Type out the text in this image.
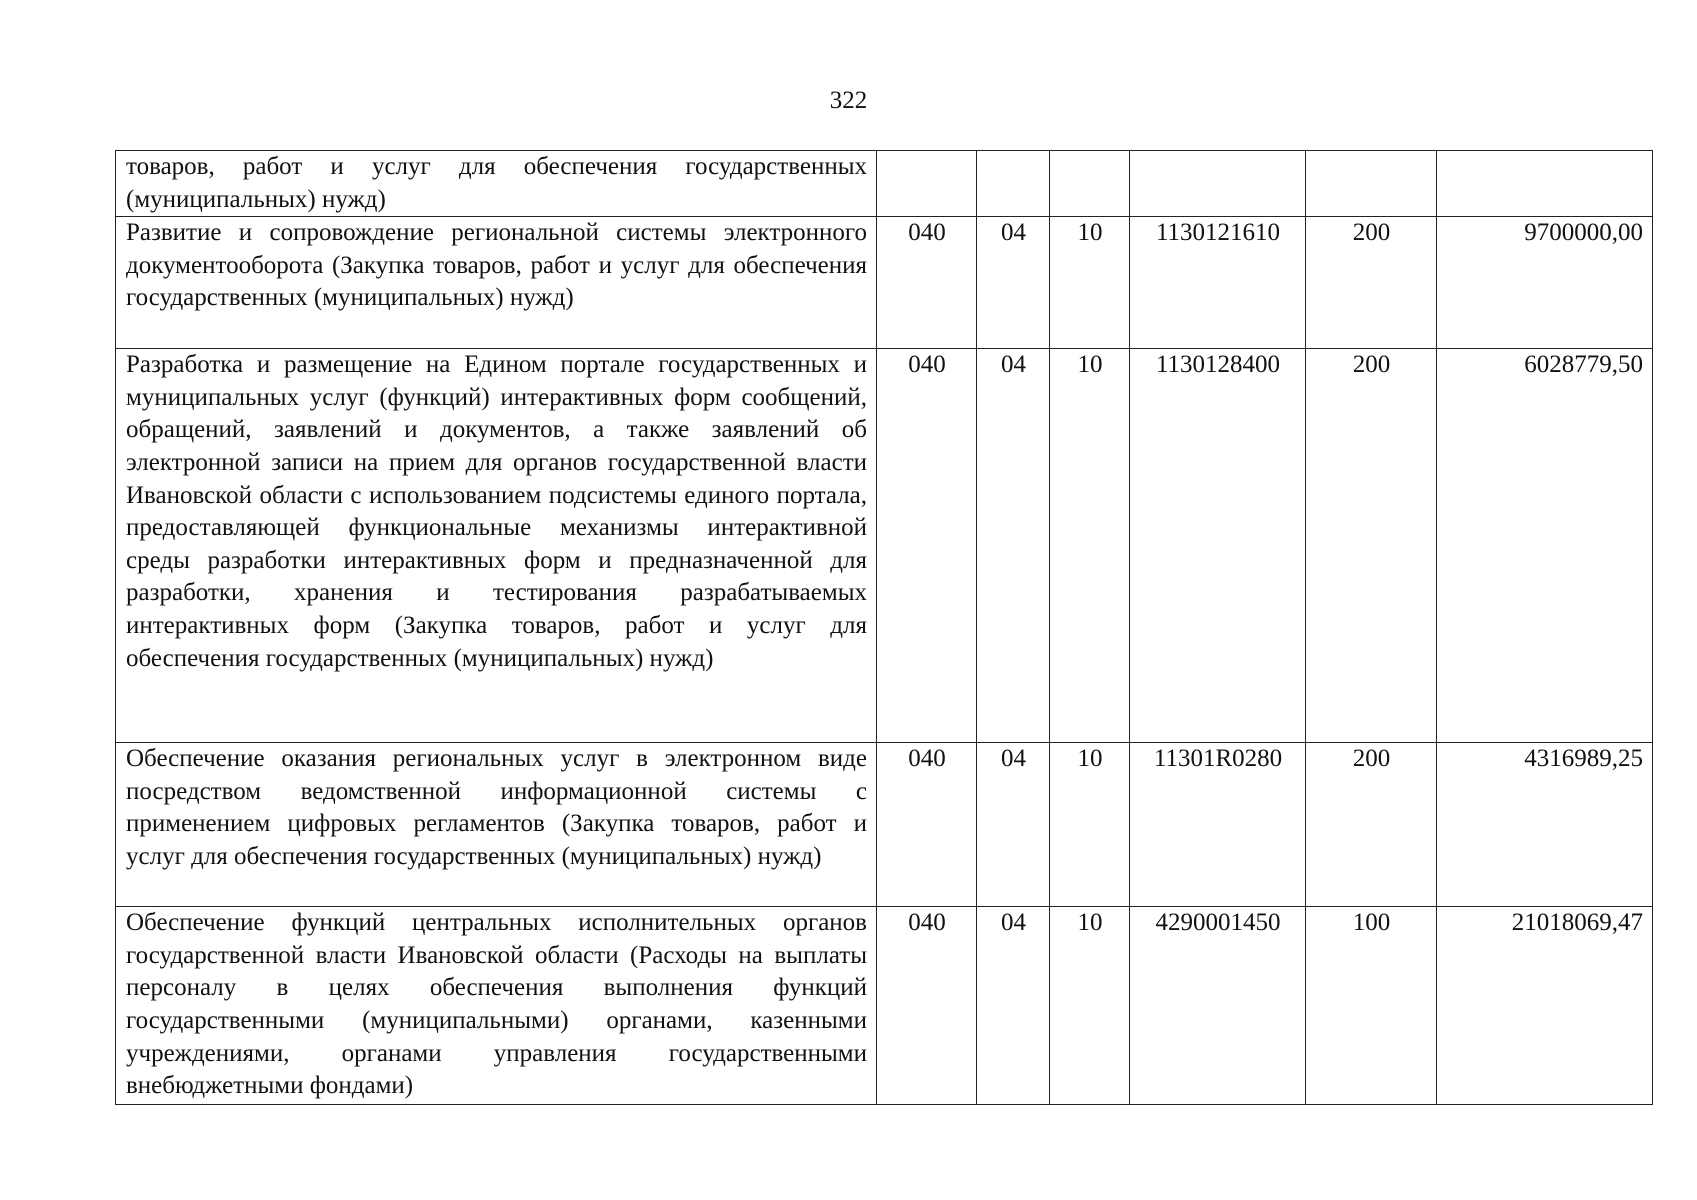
322
товаров, работ и услуг для обеспечения государственных (муниципальных) нужд)						
Развитие и сопровождение региональной системы электронного документооборота (Закупка товаров, работ и услуг для обеспечения государственных (муниципальных) нужд)	040	04	10	1130121610	200	9700000,00
Разработка и размещение на Едином портале государственных и муниципальных услуг (функций) интерактивных форм сообщений, обращений, заявлений и документов, а также заявлений об электронной записи на прием для органов государственной власти Ивановской области с использованием подсистемы единого портала, предоставляющей функциональные механизмы интерактивной среды разработки интерактивных форм и предназначенной для разработки, хранения и тестирования разрабатываемых интерактивных форм (Закупка товаров, работ и услуг для обеспечения государственных (муниципальных) нужд)	040	04	10	1130128400	200	6028779,50
Обеспечение оказания региональных услуг в электронном виде посредством ведомственной информационной системы с применением цифровых регламентов (Закупка товаров, работ и услуг для обеспечения государственных (муниципальных) нужд)	040	04	10	11301R0280	200	4316989,25
Обеспечение функций центральных исполнительных органов государственной власти Ивановской области (Расходы на выплаты персоналу в целях обеспечения выполнения функций государственными (муниципальными) органами, казенными учреждениями, органами управления государственными внебюджетными фондами)	040	04	10	4290001450	100	21018069,47
